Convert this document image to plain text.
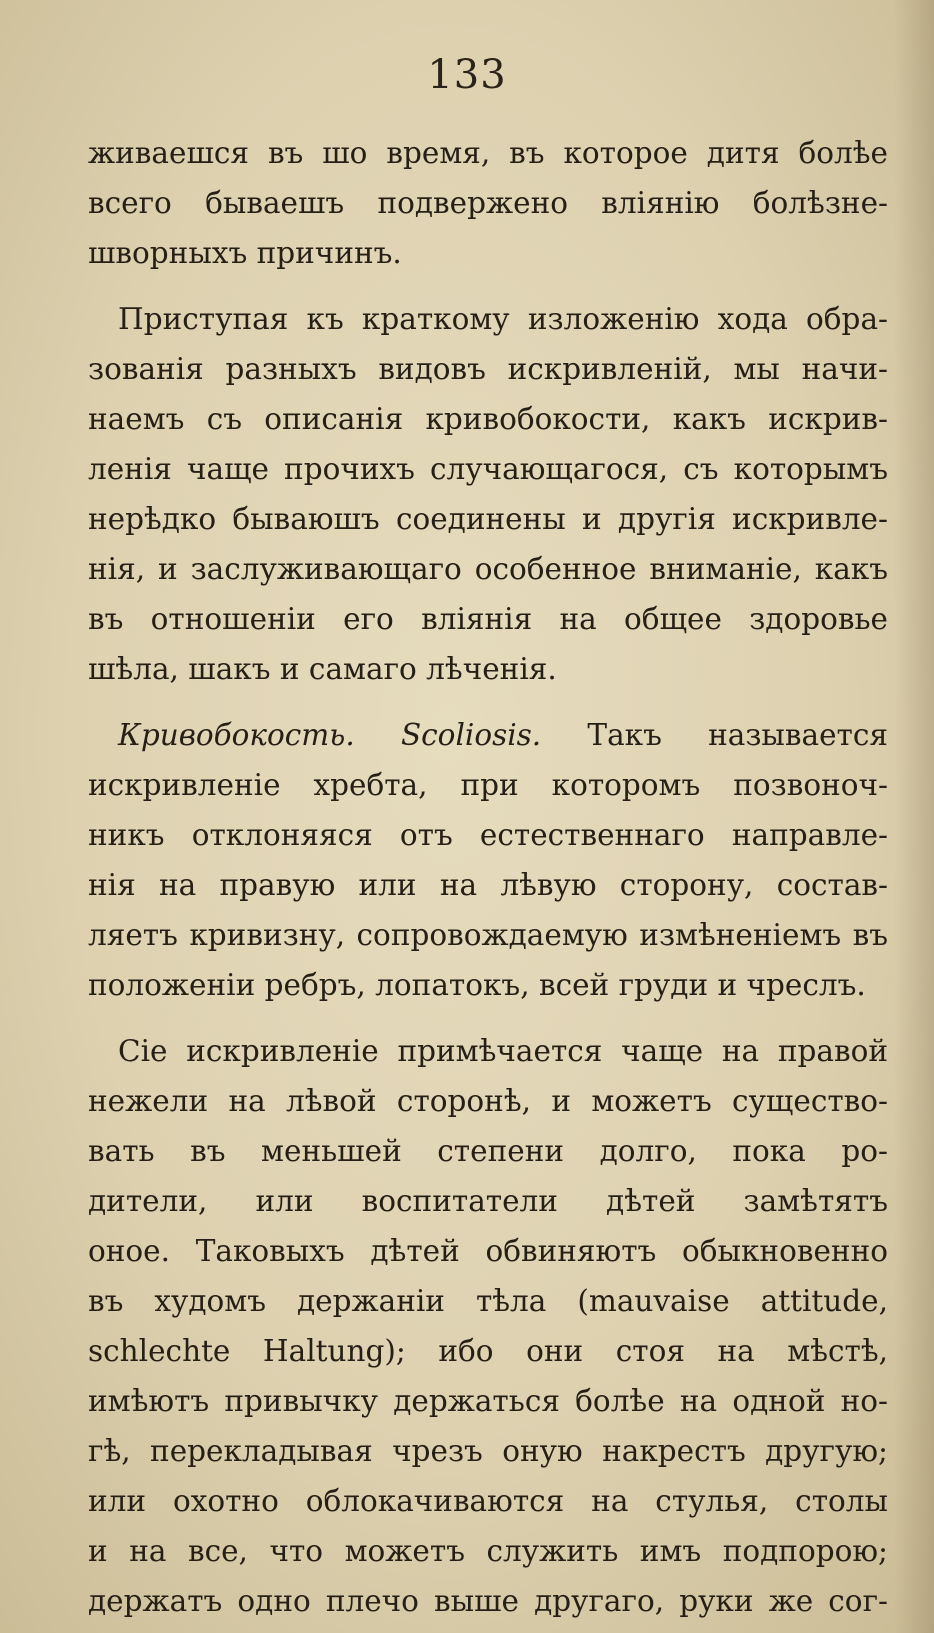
133
живаешся въ шо время, въ которое дитя болѣе
всего бываешъ подвержено вліянію болѣзне-
шворныхъ причинъ.
Приступая къ краткому изложенію хода обра-
зованія разныхъ видовъ искривленій, мы начи-
наемъ съ описанія кривобокости, какъ искрив-
ленія чаще прочихъ случающагося, съ которымъ
нерѣдко бываюшъ соединены и другія искривле-
нія, и заслуживающаго особенное вниманіе, какъ
въ отношеніи его вліянія на общее здоровье
шѣла, шакъ и самаго лѣченія.
Кривобокость. Scoliosis. Такъ называется
искривленіе хребта, при которомъ позвоноч-
никъ отклоняяся отъ естественнаго направле-
нія на правую или на лѣвую сторону, состав-
ляетъ кривизну, сопровождаемую измѣненіемъ въ
положеніи ребръ, лопатокъ, всей груди и чреслъ.
Сіе искривленіе примѣчается чаще на правой
нежели на лѣвой сторонѣ, и можетъ существо-
вать въ меньшей степени долго, пока ро-
дители, или воспитатели дѣтей замѣтятъ
оное. Таковыхъ дѣтей обвиняютъ обыкновенно
въ худомъ держаніи тѣла (mauvaise attitude,
schlechte Haltung); ибо они стоя на мѣстѣ,
имѣютъ привычку держаться болѣе на одной но-
гѣ, перекладывая чрезъ оную накрестъ другую;
или охотно облокачиваются на стулья, столы
и на все, что можетъ служить имъ подпорою;
держатъ одно плечо выше другаго, руки же сог-
